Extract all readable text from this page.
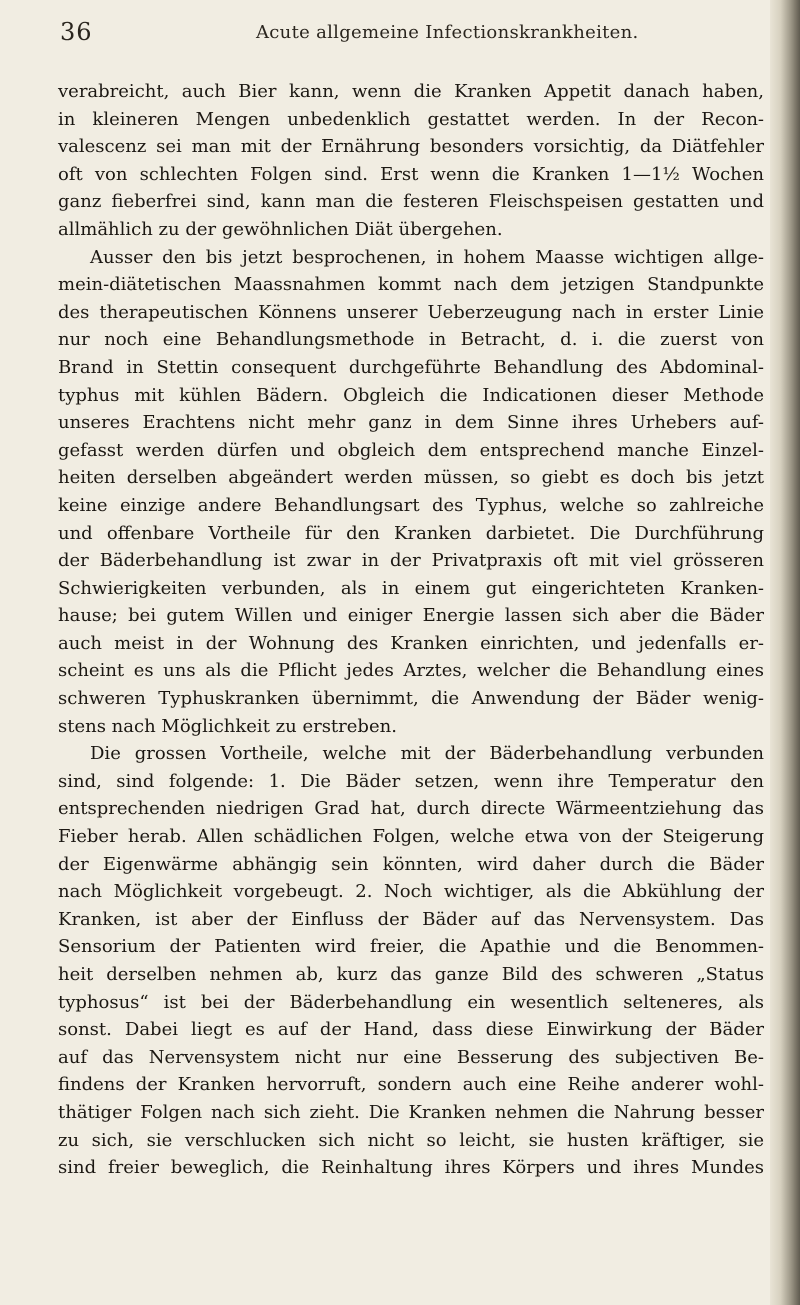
36	Acute allgemeine Infectionskrankheiten.
verabreicht, auch Bier kann, wenn die Kranken Appetit danach haben,
in kleineren Mengen unbedenklich gestattet werden. In der Recon-
valescenz sei man mit der Ernährung besonders vorsichtig, da Diätfehler
oft von schlechten Folgen sind. Erst wenn die Kranken 1—1½ Wochen
ganz fieberfrei sind, kann man die festeren Fleischspeisen gestatten und
allmählich zu der gewöhnlichen Diät übergehen.
Ausser den bis jetzt besprochenen, in hohem Maasse wichtigen allge-
mein-diätetischen Maassnahmen kommt nach dem jetzigen Standpunkte
des therapeutischen Könnens unserer Ueberzeugung nach in erster Linie
nur noch eine Behandlungsmethode in Betracht, d. i. die zuerst von
Brand in Stettin consequent durchgeführte Behandlung des Abdominal-
typhus mit kühlen Bädern. Obgleich die Indicationen dieser Methode
unseres Erachtens nicht mehr ganz in dem Sinne ihres Urhebers auf-
gefasst werden dürfen und obgleich dem entsprechend manche Einzel-
heiten derselben abgeändert werden müssen, so giebt es doch bis jetzt
keine einzige andere Behandlungsart des Typhus, welche so zahlreiche
und offenbare Vortheile für den Kranken darbietet. Die Durchführung
der Bäderbehandlung ist zwar in der Privatpraxis oft mit viel grösseren
Schwierigkeiten verbunden, als in einem gut eingerichteten Kranken-
hause; bei gutem Willen und einiger Energie lassen sich aber die Bäder
auch meist in der Wohnung des Kranken einrichten, und jedenfalls er-
scheint es uns als die Pflicht jedes Arztes, welcher die Behandlung eines
schweren Typhuskranken übernimmt, die Anwendung der Bäder wenig-
stens nach Möglichkeit zu erstreben.
Die grossen Vortheile, welche mit der Bäderbehandlung verbunden
sind, sind folgende: 1. Die Bäder setzen, wenn ihre Temperatur den
entsprechenden niedrigen Grad hat, durch directe Wärmeentziehung das
Fieber herab. Allen schädlichen Folgen, welche etwa von der Steigerung
der Eigenwärme abhängig sein könnten, wird daher durch die Bäder
nach Möglichkeit vorgebeugt. 2. Noch wichtiger, als die Abkühlung der
Kranken, ist aber der Einfluss der Bäder auf das Nervensystem. Das
Sensorium der Patienten wird freier, die Apathie und die Benommen-
heit derselben nehmen ab, kurz das ganze Bild des schweren „Status
typhosus“ ist bei der Bäderbehandlung ein wesentlich selteneres, als
sonst. Dabei liegt es auf der Hand, dass diese Einwirkung der Bäder
auf das Nervensystem nicht nur eine Besserung des subjectiven Be-
findens der Kranken hervorruft, sondern auch eine Reihe anderer wohl-
thätiger Folgen nach sich zieht. Die Kranken nehmen die Nahrung besser
zu sich, sie verschlucken sich nicht so leicht, sie husten kräftiger, sie
sind freier beweglich, die Reinhaltung ihres Körpers und ihres Mundes
